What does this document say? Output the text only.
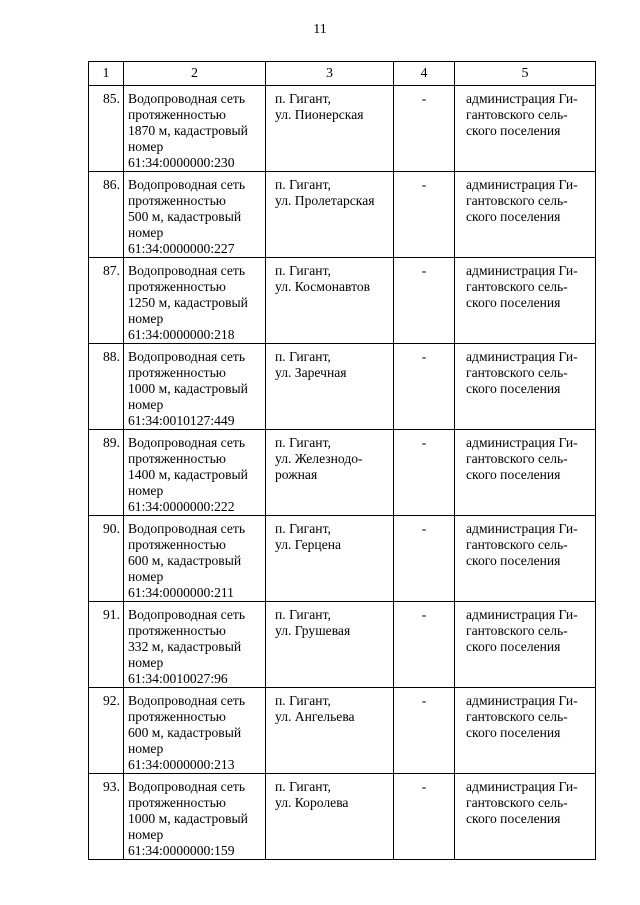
11
1	2	3	4	5
85.	Водопроводная сеть
протяженностью
1870 м, кадастровый
номер
61:34:0000000:230	п. Гигант,
ул. Пионерская	-	администрация Ги-
гантовского сель-
ского поселения

86.	Водопроводная сеть
протяженностью
500 м, кадастровый
номер
61:34:0000000:227	п. Гигант,
ул. Пролетарская	-	администрация Ги-
гантовского сель-
ского поселения

87.	Водопроводная сеть
протяженностью
1250 м, кадастровый
номер
61:34:0000000:218	п. Гигант,
ул. Космонавтов	-	администрация Ги-
гантовского сель-
ского поселения

88.	Водопроводная сеть
протяженностью
1000 м, кадастровый
номер
61:34:0010127:449	п. Гигант,
ул. Заречная	-	администрация Ги-
гантовского сель-
ского поселения

89.	Водопроводная сеть
протяженностью
1400 м, кадастровый
номер
61:34:0000000:222	п. Гигант,
ул. Железнодо-
рожная	-	администрация Ги-
гантовского сель-
ского поселения

90.	Водопроводная сеть
протяженностью
600 м, кадастровый
номер
61:34:0000000:211	п. Гигант,
ул. Герцена	-	администрация Ги-
гантовского сель-
ского поселения

91.	Водопроводная сеть
протяженностью
332 м, кадастровый
номер
61:34:0010027:96	п. Гигант,
ул. Грушевая	-	администрация Ги-
гантовского сель-
ского поселения

92.	Водопроводная сеть
протяженностью
600 м, кадастровый
номер
61:34:0000000:213	п. Гигант,
ул. Ангельева	-	администрация Ги-
гантовского сель-
ского поселения

93.	Водопроводная сеть
протяженностью
1000 м, кадастровый
номер
61:34:0000000:159	п. Гигант,
ул. Королева	-	администрация Ги-
гантовского сель-
ского поселения
